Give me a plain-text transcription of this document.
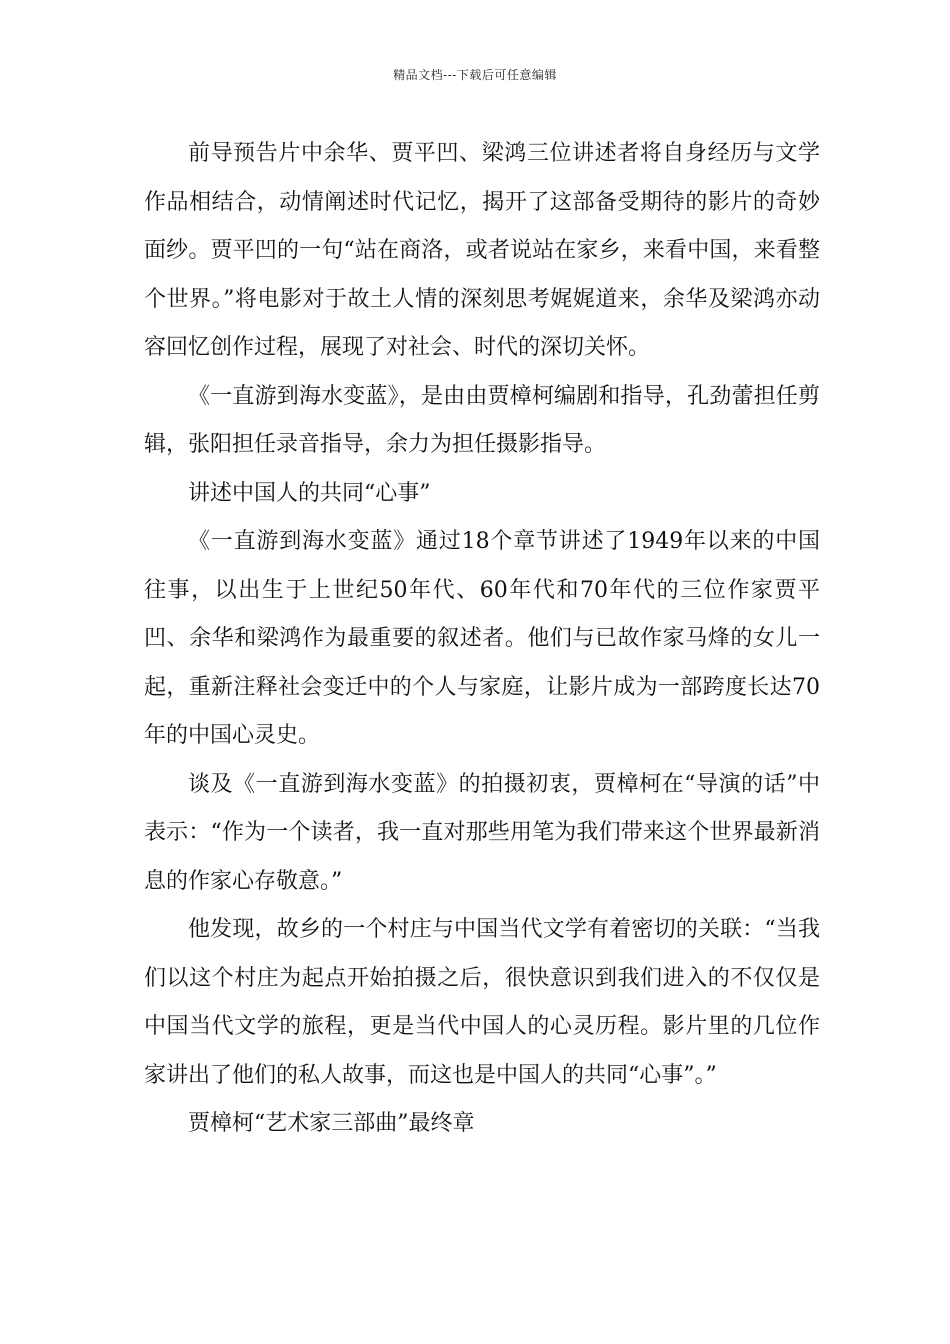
精品文档---下载后可任意编辑

前导预告片中余华、贾平凹、梁鸿三位讲述者将自身经历与文学作品相结合，动情阐述时代记忆，揭开了这部备受期待的影片的奇妙面纱。贾平凹的一句“站在商洛，或者说站在家乡，来看中国，来看整个世界。”将电影对于故土人情的深刻思考娓娓道来，余华及梁鸿亦动容回忆创作过程，展现了对社会、时代的深切关怀。

《一直游到海水变蓝》，是由由贾樟柯编剧和指导，孔劲蕾担任剪辑，张阳担任录音指导，余力为担任摄影指导。

讲述中国人的共同“心事”

《一直游到海水变蓝》通过18个章节讲述了1949年以来的中国往事，以出生于上世纪50年代、60年代和70年代的三位作家贾平凹、余华和梁鸿作为最重要的叙述者。他们与已故作家马烽的女儿一起，重新注释社会变迁中的个人与家庭，让影片成为一部跨度长达70年的中国心灵史。

谈及《一直游到海水变蓝》的拍摄初衷，贾樟柯在“导演的话”中表示：“作为一个读者，我一直对那些用笔为我们带来这个世界最新消息的作家心存敬意。”

他发现，故乡的一个村庄与中国当代文学有着密切的关联：“当我们以这个村庄为起点开始拍摄之后，很快意识到我们进入的不仅仅是中国当代文学的旅程，更是当代中国人的心灵历程。影片里的几位作家讲出了他们的私人故事，而这也是中国人的共同“心事”。”

贾樟柯“艺术家三部曲”最终章
